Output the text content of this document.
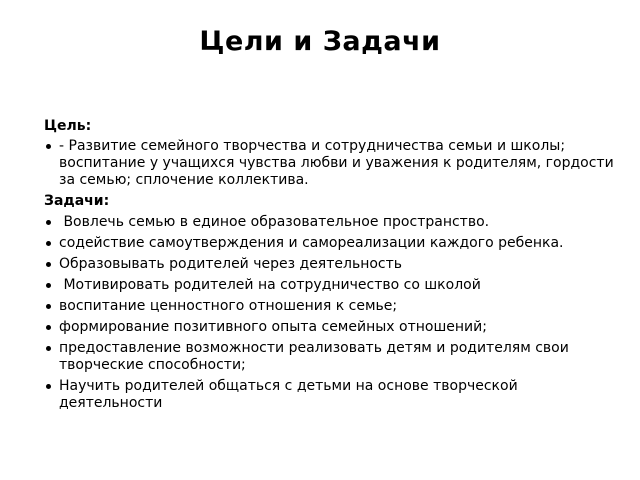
Цели и Задачи
Цель:
- Развитие семейного творчества и сотрудничества семьи и школы; воспитание у учащихся чувства любви и уважения к родителям, гордости за семью; сплочение коллектива.
Задачи:
Вовлечь семью в единое образовательное пространство.
содействие самоутверждения и самореализации каждого ребенка.
Образовывать родителей через деятельность
Мотивировать родителей на сотрудничество со школой
воспитание ценностного отношения к семье;
формирование позитивного опыта семейных отношений;
предоставление возможности реализовать детям и родителям свои творческие способности;
Научить родителей общаться с детьми на основе творческой деятельности
